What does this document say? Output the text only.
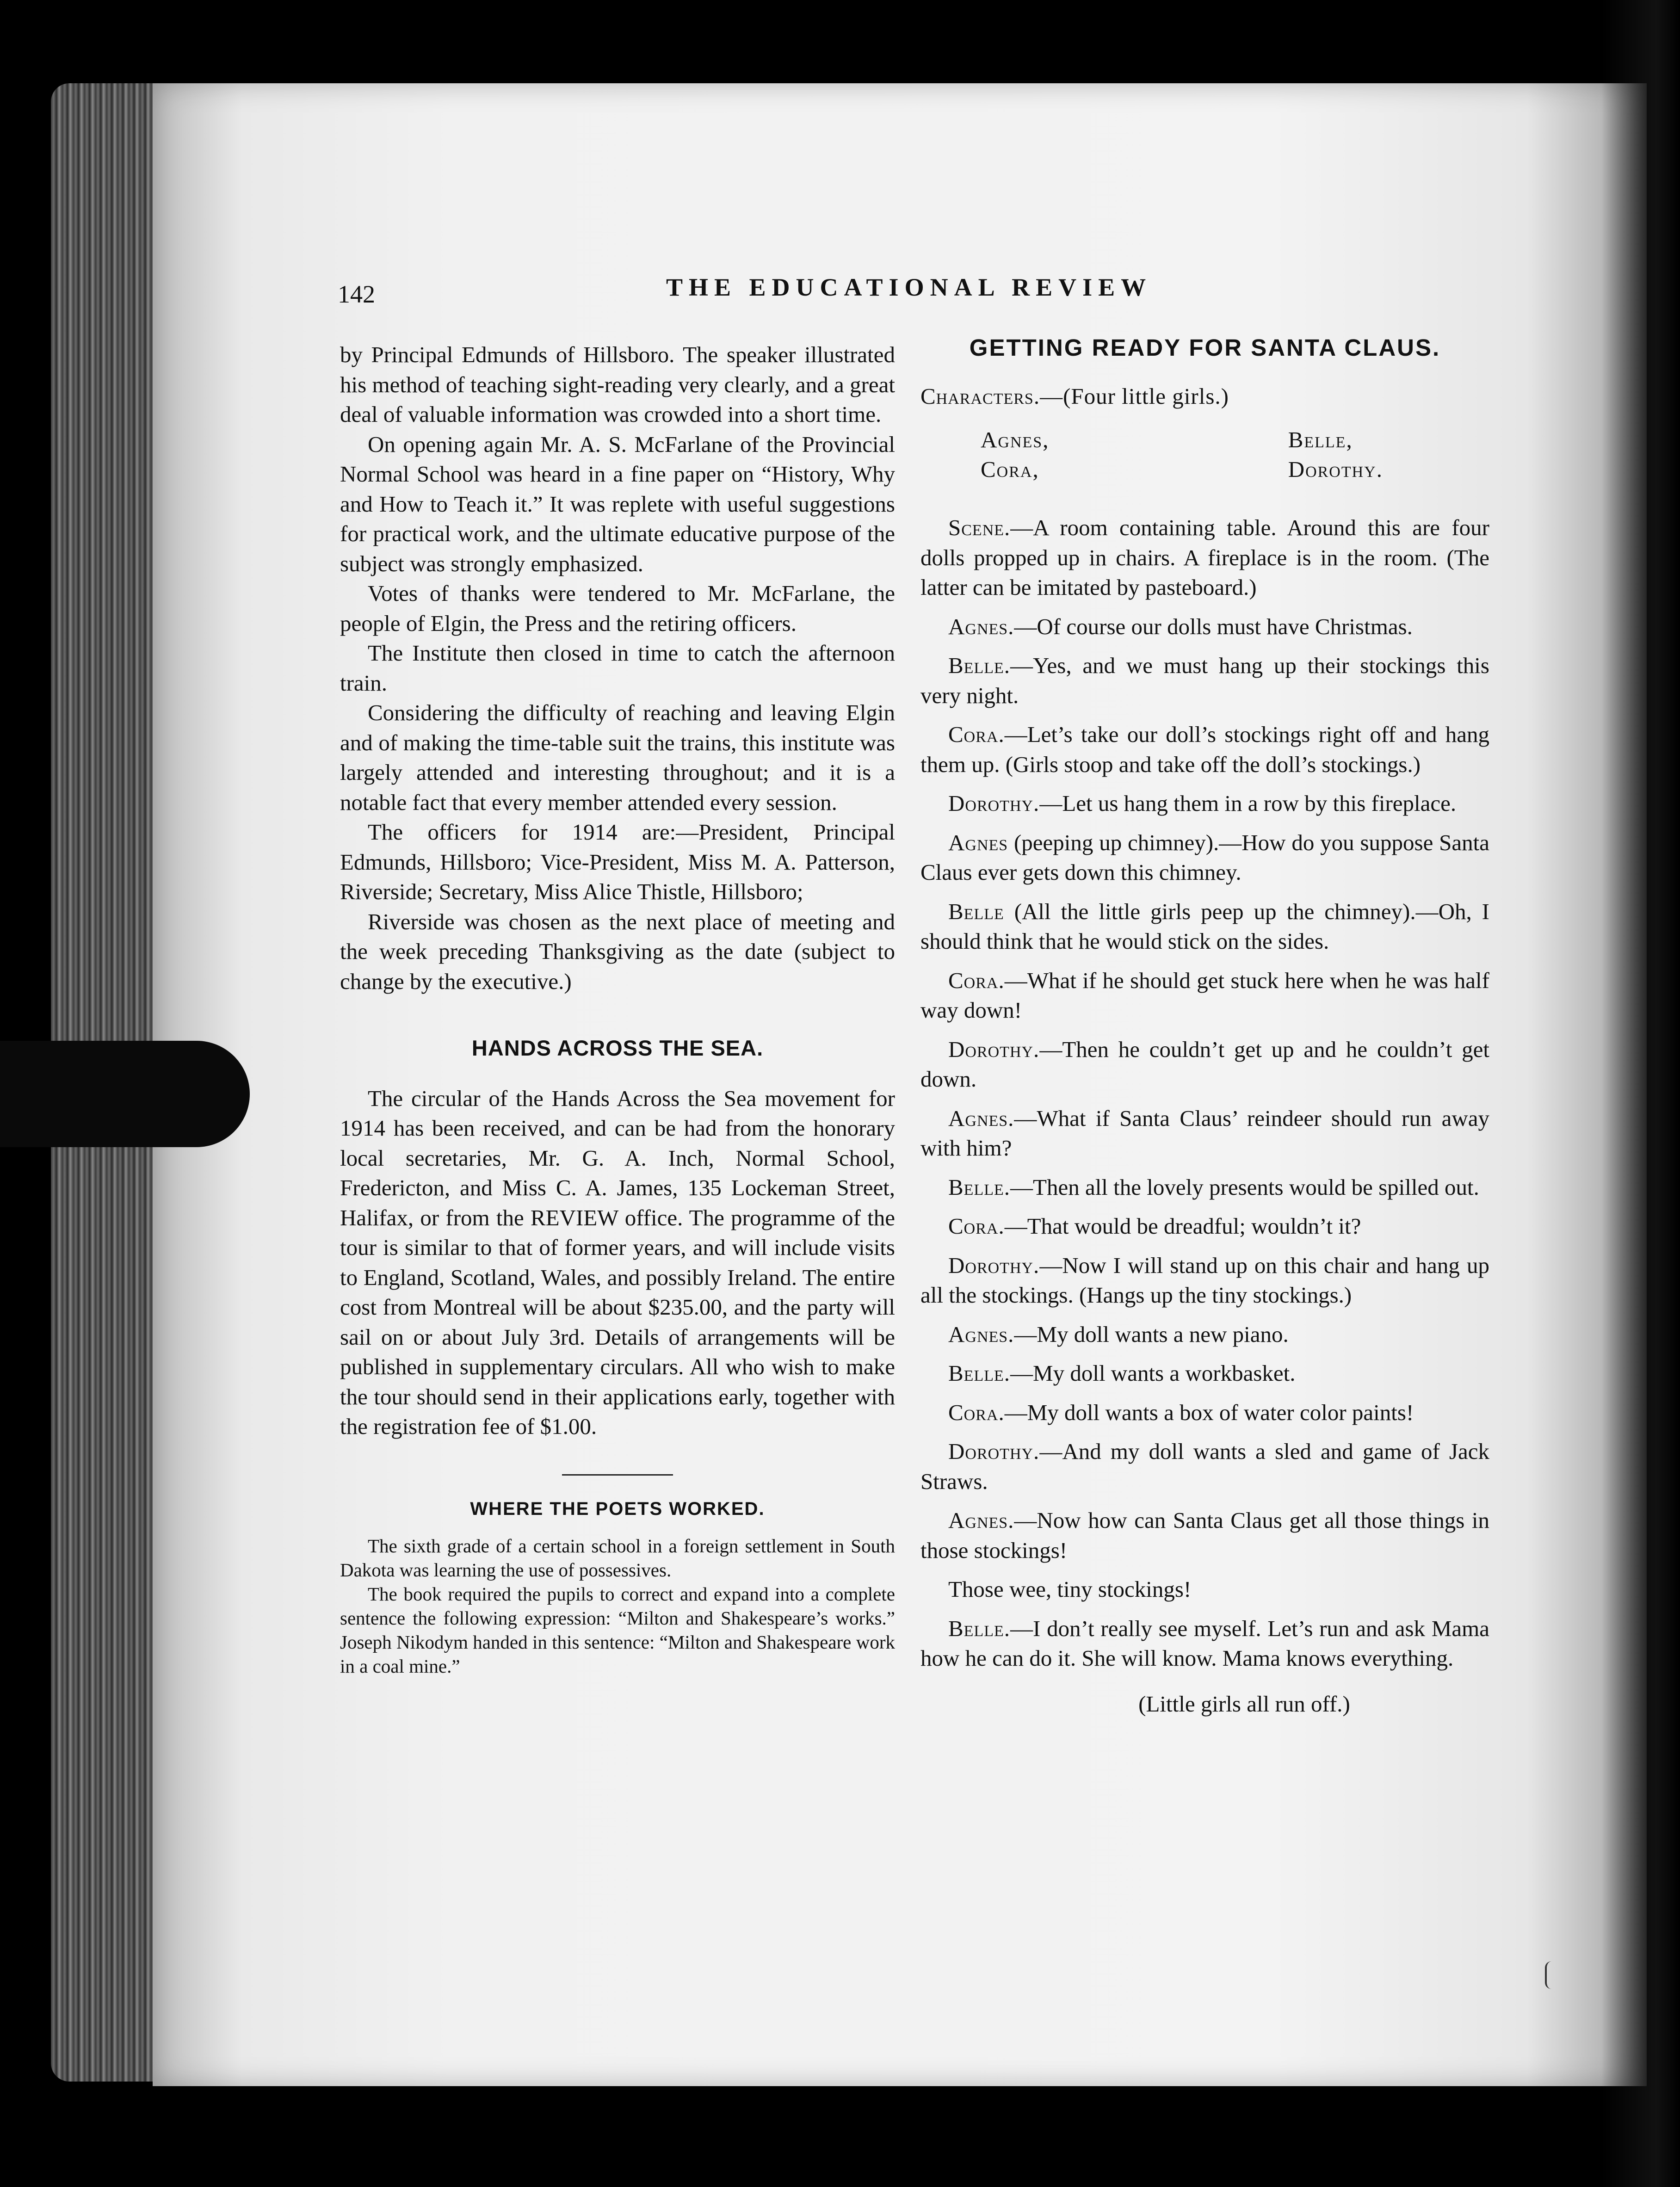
142	THE EDUCATIONAL REVIEW

by Principal Edmunds of Hillsboro. The speaker illustrated his method of teaching sight-reading very clearly, and a great deal of valuable information was crowded into a short time.

On opening again Mr. A. S. McFarlane of the Provincial Normal School was heard in a fine paper on “History, Why and How to Teach it.” It was replete with useful suggestions for practical work, and the ultimate educative purpose of the subject was strongly emphasized.

Votes of thanks were tendered to Mr. McFarlane, the people of Elgin, the Press and the retiring officers.

The Institute then closed in time to catch the afternoon train.

Considering the difficulty of reaching and leaving Elgin and of making the time-table suit the trains, this institute was largely attended and interesting throughout; and it is a notable fact that every member attended every session.

The officers for 1914 are:—President, Principal Edmunds, Hillsboro; Vice-President, Miss M. A. Patterson, Riverside; Secretary, Miss Alice Thistle, Hillsboro;

Riverside was chosen as the next place of meeting and the week preceding Thanksgiving as the date (subject to change by the executive.)

HANDS ACROSS THE SEA.

The circular of the Hands Across the Sea movement for 1914 has been received, and can be had from the honorary local secretaries, Mr. G. A. Inch, Normal School, Fredericton, and Miss C. A. James, 135 Lockeman Street, Halifax, or from the REVIEW office. The programme of the tour is similar to that of former years, and will include visits to England, Scotland, Wales, and possibly Ireland. The entire cost from Montreal will be about $235.00, and the party will sail on or about July 3rd. Details of arrangements will be published in supplementary circulars. All who wish to make the tour should send in their applications early, together with the registration fee of $1.00.

WHERE THE POETS WORKED.

The sixth grade of a certain school in a foreign settlement in South Dakota was learning the use of possessives.

The book required the pupils to correct and expand into a complete sentence the following expression: “Milton and Shakespeare’s works.” Joseph Nikodym handed in this sentence: “Milton and Shakespeare work in a coal mine.”

GETTING READY FOR SANTA CLAUS.

Characters.—(Four little girls.)

Agnes,
Cora,
Belle,
Dorothy.

Scene.—A room containing table. Around this are four dolls propped up in chairs. A fireplace is in the room. (The latter can be imitated by pasteboard.)

Agnes.—Of course our dolls must have Christmas.

Belle.—Yes, and we must hang up their stockings this very night.

Cora.—Let’s take our doll’s stockings right off and hang them up. (Girls stoop and take off the doll’s stockings.)

Dorothy.—Let us hang them in a row by this fireplace.

Agnes (peeping up chimney).—How do you suppose Santa Claus ever gets down this chimney.

Belle (All the little girls peep up the chimney).—Oh, I should think that he would stick on the sides.

Cora.—What if he should get stuck here when he was half way down!

Dorothy.—Then he couldn’t get up and he couldn’t get down.

Agnes.—What if Santa Claus’ reindeer should run away with him?

Belle.—Then all the lovely presents would be spilled out.

Cora.—That would be dreadful; wouldn’t it?

Dorothy.—Now I will stand up on this chair and hang up all the stockings. (Hangs up the tiny stockings.)

Agnes.—My doll wants a new piano.

Belle.—My doll wants a workbasket.

Cora.—My doll wants a box of water color paints!

Dorothy.—And my doll wants a sled and game of Jack Straws.

Agnes.—Now how can Santa Claus get all those things in those stockings!

Those wee, tiny stockings!

Belle.—I don’t really see myself. Let’s run and ask Mama how he can do it. She will know. Mama knows everything.

(Little girls all run off.)
